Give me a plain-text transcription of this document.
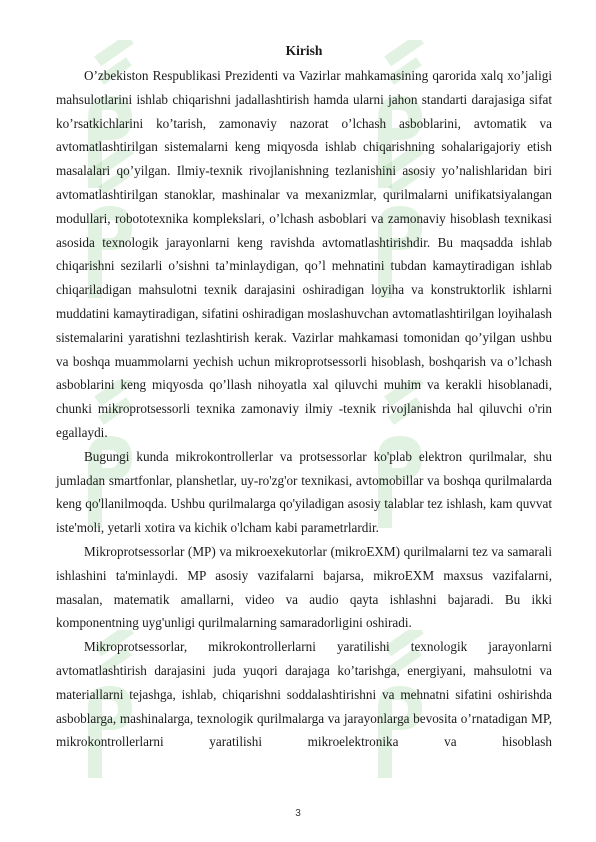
Kirish

O’zbekiston Respublikasi Prezidenti va Vazirlar mahkamasining qarorida xalq xo’jaligi mahsulotlarini ishlab chiqarishni jadallashtirish hamda ularni jahon standarti darajasiga sifat ko’rsatkichlarini ko’tarish, zamonaviy nazorat o’lchash asboblarini, avtomatik va avtomatlashtirilgan sistemalarni keng miqyosda ishlab chiqarishning sohalarigajoriy etish masalalari qo’yilgan. Ilmiy-texnik rivojlanishning tezlanishini asosiy yo’nalishlaridan biri avtomatlashtirilgan stanoklar, mashinalar va mexanizmlar, qurilmalarni unifikatsiyalangan modullari, robototexnika komplekslari, o’lchash asboblari va zamonaviy hisoblash texnikasi asosida texnologik jarayonlarni keng ravishda avtomatlashtirishdir. Bu maqsadda ishlab chiqarishni sezilarli o’sishni ta’minlaydigan, qo’l mehnatini tubdan kamaytiradigan ishlab chiqariladigan mahsulotni texnik darajasini oshiradigan loyiha va konstruktorlik ishlarni muddatini kamaytiradigan, sifatini oshiradigan moslashuvchan avtomatlashtirilgan loyihalash sistemalarini yaratishni tezlashtirish kerak. Vazirlar mahkamasi tomonidan qo’yilgan ushbu va boshqa muammolarni yechish uchun mikroprotsessorli hisoblash, boshqarish va o’lchash asboblarini keng miqyosda qo’llash nihoyatla xal qiluvchi muhim va kerakli hisoblanadi, chunki mikroprotsessorli texnika zamonaviy ilmiy -texnik rivojlanishda hal qiluvchi o'rin egallaydi.

Bugungi kunda mikrokontrollerlar va protsessorlar ko'plab elektron qurilmalar, shu jumladan smartfonlar, planshetlar, uy-ro'zg'or texnikasi, avtomobillar va boshqa qurilmalarda keng qo'llanilmoqda. Ushbu qurilmalarga qo'yiladigan asosiy talablar tez ishlash, kam quvvat iste'moli, yetarli xotira va kichik o'lcham kabi parametrlardir.

Mikroprotsessorlar (MP) va mikroexekutorlar (mikroEXM) qurilmalarni tez va samarali ishlashini ta'minlaydi. MP asosiy vazifalarni bajarsa, mikroEXM maxsus vazifalarni, masalan, matematik amallarni, video va audio qayta ishlashni bajaradi. Bu ikki komponentning uyg'unligi qurilmalarning samaradorligini oshiradi.

Mikroprotsessorlar, mikrokontrollerlarni yaratilishi texnologik jarayonlarni avtomatlashtirish darajasini juda yuqori darajaga ko’tarishga, energiyani, mahsulotni va materiallarni tejashga, ishlab, chiqarishni soddalashtirishni va mehnatni sifatini oshirishda asboblarga, mashinalarga, texnologik qurilmalarga va jarayonlarga bevosita o’rnatadigan MP, mikrokontrollerlarni yaratilishi mikroelektronika va hisoblash

3
